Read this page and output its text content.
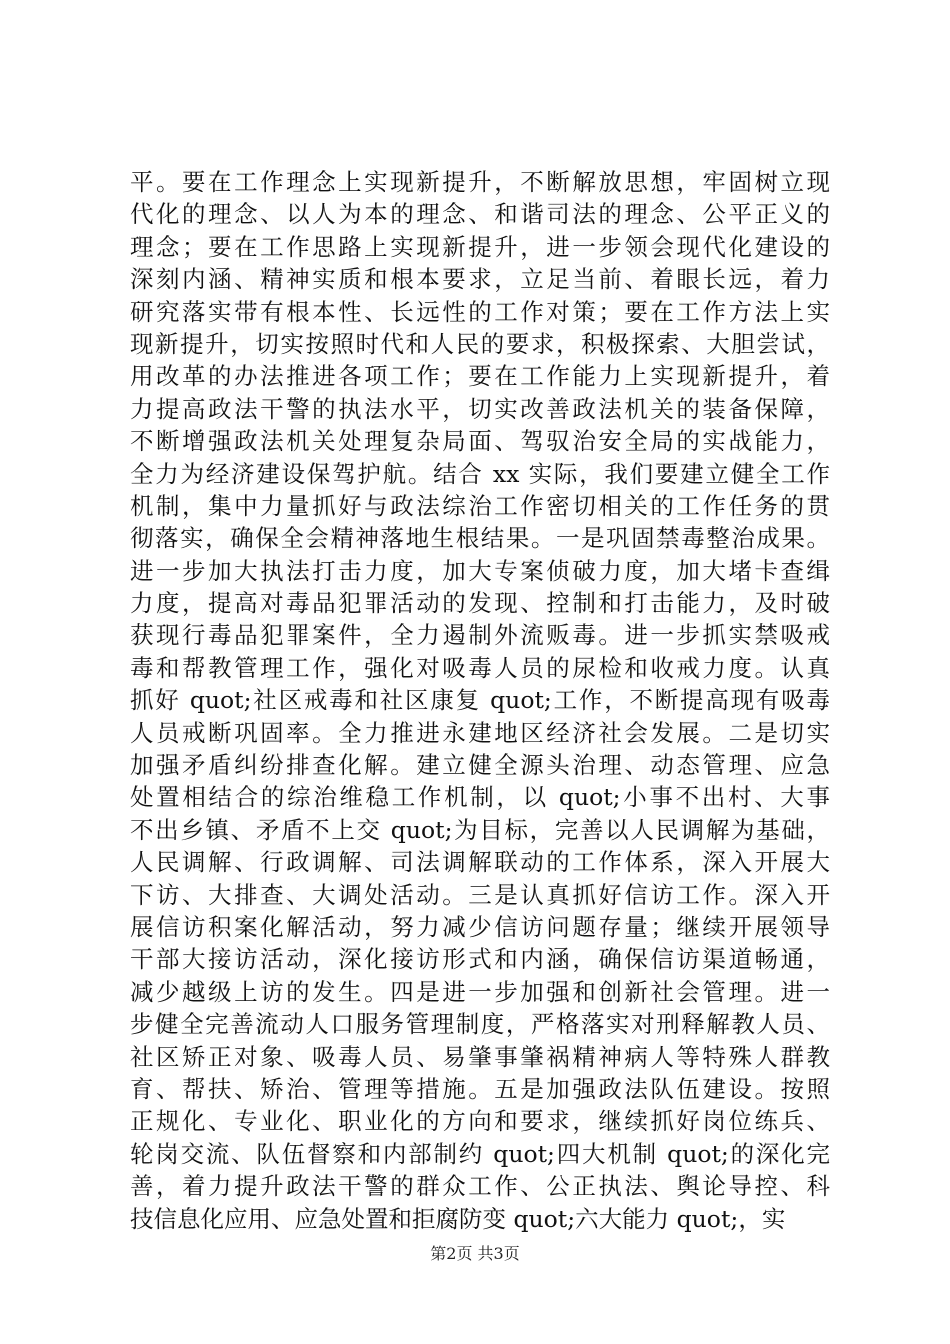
平。要在工作理念上实现新提升，不断解放思想，牢固树立现
代化的理念、以人为本的理念、和谐司法的理念、公平正义的
理念；要在工作思路上实现新提升，进一步领会现代化建设的
深刻内涵、精神实质和根本要求，立足当前、着眼长远，着力
研究落实带有根本性、长远性的工作对策；要在工作方法上实
现新提升，切实按照时代和人民的要求，积极探索、大胆尝试，
用改革的办法推进各项工作；要在工作能力上实现新提升，着
力提高政法干警的执法水平，切实改善政法机关的装备保障，
不断增强政法机关处理复杂局面、驾驭治安全局的实战能力，
全力为经济建设保驾护航。结合 xx 实际，我们要建立健全工作
机制，集中力量抓好与政法综治工作密切相关的工作任务的贯
彻落实，确保全会精神落地生根结果。一是巩固禁毒整治成果。
进一步加大执法打击力度，加大专案侦破力度，加大堵卡查缉
力度，提高对毒品犯罪活动的发现、控制和打击能力，及时破
获现行毒品犯罪案件，全力遏制外流贩毒。进一步抓实禁吸戒
毒和帮教管理工作，强化对吸毒人员的尿检和收戒力度。认真
抓好 quot;社区戒毒和社区康复 quot;工作，不断提高现有吸毒
人员戒断巩固率。全力推进永建地区经济社会发展。二是切实
加强矛盾纠纷排查化解。建立健全源头治理、动态管理、应急
处置相结合的综治维稳工作机制，以 quot;小事不出村、大事
不出乡镇、矛盾不上交 quot;为目标，完善以人民调解为基础，
人民调解、行政调解、司法调解联动的工作体系，深入开展大
下访、大排查、大调处活动。三是认真抓好信访工作。深入开
展信访积案化解活动，努力减少信访问题存量；继续开展领导
干部大接访活动，深化接访形式和内涵，确保信访渠道畅通，
减少越级上访的发生。四是进一步加强和创新社会管理。进一
步健全完善流动人口服务管理制度，严格落实对刑释解教人员、
社区矫正对象、吸毒人员、易肇事肇祸精神病人等特殊人群教
育、帮扶、矫治、管理等措施。五是加强政法队伍建设。按照
正规化、专业化、职业化的方向和要求，继续抓好岗位练兵、
轮岗交流、队伍督察和内部制约 quot;四大机制 quot;的深化完
善，着力提升政法干警的群众工作、公正执法、舆论导控、科
技信息化应用、应急处置和拒腐防变 quot;六大能力 quot;，实
第2页 共3页
